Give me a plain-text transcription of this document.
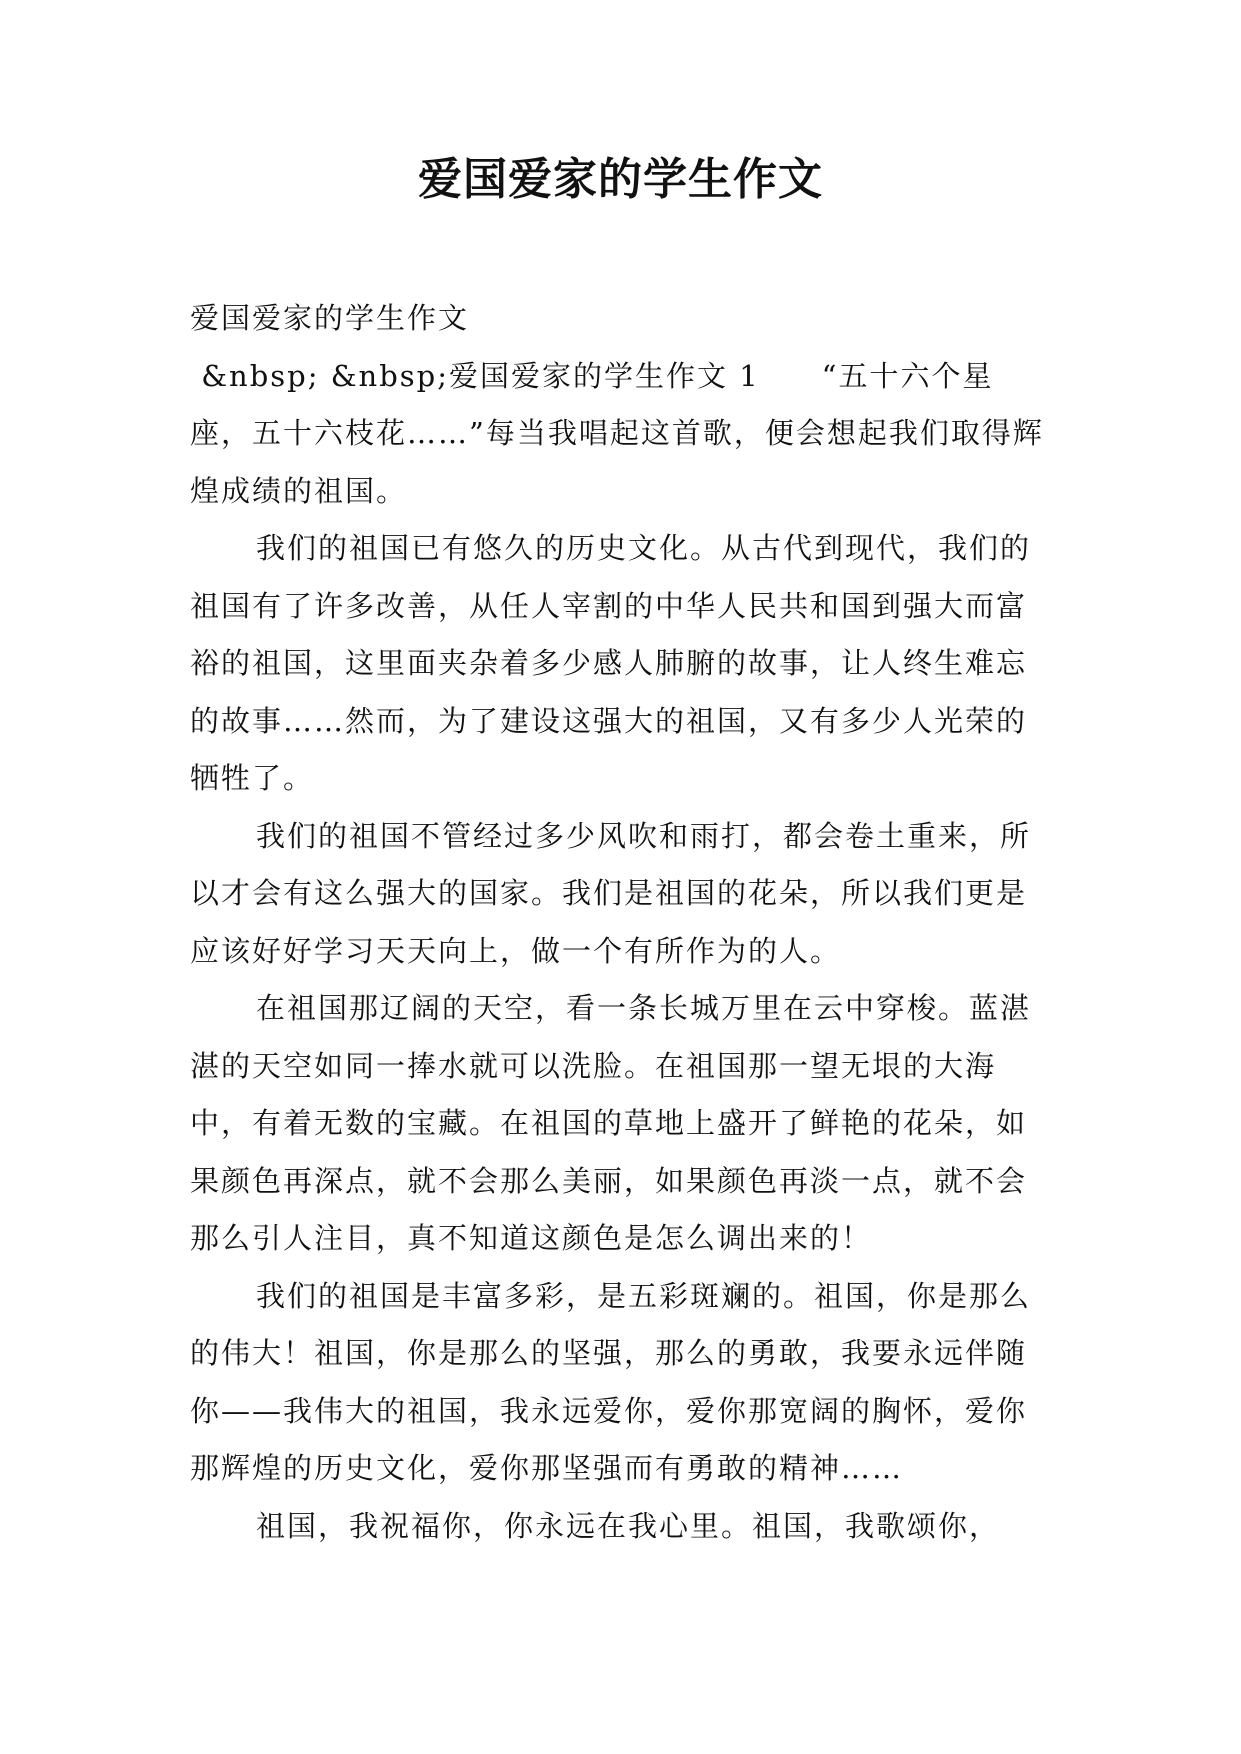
爱国爱家的学生作文

爱国爱家的学生作文

&nbsp; &nbsp;爱国爱家的学生作文 1　　“五十六个星座，五十六枝花……”每当我唱起这首歌，便会想起我们取得辉煌成绩的祖国。

我们的祖国已有悠久的历史文化。从古代到现代，我们的祖国有了许多改善，从任人宰割的中华人民共和国到强大而富裕的祖国，这里面夹杂着多少感人肺腑的故事，让人终生难忘的故事……然而，为了建设这强大的祖国，又有多少人光荣的牺牲了。

我们的祖国不管经过多少风吹和雨打，都会卷土重来，所以才会有这么强大的国家。我们是祖国的花朵，所以我们更是应该好好学习天天向上，做一个有所作为的人。

在祖国那辽阔的天空，看一条长城万里在云中穿梭。蓝湛湛的天空如同一捧水就可以洗脸。在祖国那一望无垠的大海中，有着无数的宝藏。在祖国的草地上盛开了鲜艳的花朵，如果颜色再深点，就不会那么美丽，如果颜色再淡一点，就不会那么引人注目，真不知道这颜色是怎么调出来的！

我们的祖国是丰富多彩，是五彩斑斓的。祖国，你是那么的伟大！祖国，你是那么的坚强，那么的勇敢，我要永远伴随你——我伟大的祖国，我永远爱你，爱你那宽阔的胸怀，爱你那辉煌的历史文化，爱你那坚强而有勇敢的精神……

祖国，我祝福你，你永远在我心里。祖国，我歌颂你，
